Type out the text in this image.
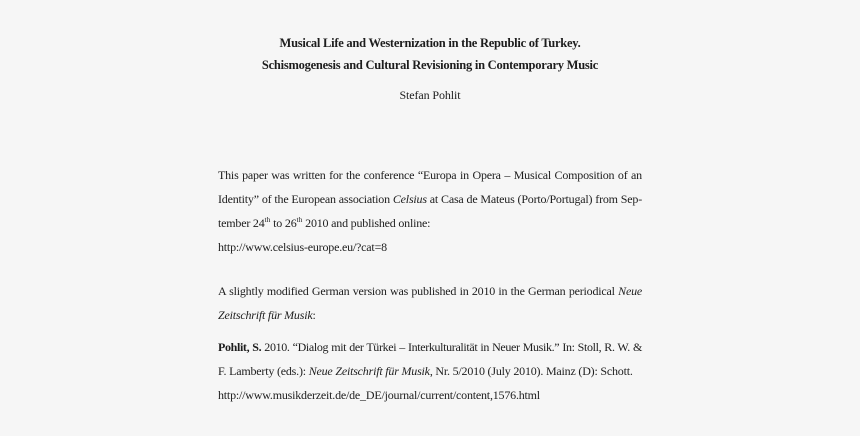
Musical Life and Westernization in the Republic of Turkey.
Schismogenesis and Cultural Revisioning in Contemporary Music
Stefan Pohlit
This paper was written for the conference “Europa in Opera – Musical Composition of an
Identity” of the European association Celsius at Casa de Mateus (Porto/Portugal) from Sep-
tember 24th to 26th 2010 and published online:
http://www.celsius-europe.eu/?cat=8
A slightly modified German version was published in 2010 in the German periodical Neue
Zeitschrift für Musik:
Pohlit, S. 2010. “Dialog mit der Türkei – Interkulturalität in Neuer Musik.” In: Stoll, R. W. &
F. Lamberty (eds.): Neue Zeitschrift für Musik, Nr. 5/2010 (July 2010). Mainz (D): Schott.
http://www.musikderzeit.de/de_DE/journal/current/content,1576.html
